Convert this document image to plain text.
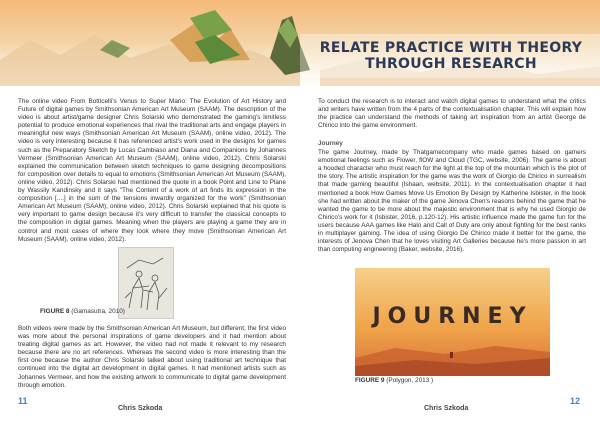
RELATE PRACTICE WITH THEORY
THROUGH RESEARCH

The online video From Botticelli's Venus to Super Mario: The Evolution of Art History and Future of digital games by Smithsonian American Art Museum (SAAM). The description of the video is about artist/game designer Chris Solarski who demonstrated the gaming's limitless potential to produce emotional experiences that rival the traditional arts and engage players in meaningful new ways (Smithsonian American Art Museum (SAAM), online video, 2012). The video is very interesting because it has referenced artist's work used in the designs for games such as the Preparatory Sketch by Lucas Cambiaso and Diana and Companions by Johannes Vermeer (Smithsonian American Art Museum (SAAM), online video, 2012). Chris Solarski explained the communication between sketch techniques to game designing decompositions for composition over details to equal to emotions (Smithsonian American Art Museum (SAAM), online video, 2012). Chris Solarski had mentioned the quote in a book Point and Line to Plane by Wassily Kandinsky and it says "The Content of a work of art finds its expression in the composition [....] in the sum of the tensions inwardly organized for the work" (Smithsonian American Art Museum (SAAM), online video, 2012). Chris Solarski explained that his quote is very important to game design because it's very difficult to transfer the classical concepts to the composition in digital games. Meaning when the players are playing a game they are in control and most cases of where they look where they move (Smithsonian American Art Museum (SAAM), online video, 2012).

FIGURE 8 (Gamasutra, 2010)

Both videos were made by the Smithsonian American Art Museum, but different, the first video was more about the personal inspirations of game developers and it had mention about treating digital games as art. However, the video had not made it relevant to my research because there are no art references. Whereas the second video is more interesting than the first one because the author Chris Solarski talked about using traditional art technique that continued into the digital art development in digital games. It had mentioned artists such as Johannes Vermeer, and how the existing artwork to communicate to digital game development through emotion.

11
Chris Szkoda

To conduct the research is to interact and watch digital games to understand what the critics and writers have written from the 4 parts of the contextualisation chapter. This will explain how the practice can understand the methods of taking art inspiration from an artist George de Chirico into the game environment.

Journey

The game Journey, made by Thatgamecompany who made games based on gamers emotional feelings such as Flower, flOW and Cloud (TGC, website, 2006). The game is about a hooded character who must reach for the light at the top of the mountain which is the plot of the story. The artistic inspiration for the game was the work of Giorgio de Chirico in surrealism that made gaming beautiful (Ishaan, website, 2011). In the contextualisation chapter it had mentioned a book How Games Move Us Emotion By Design by Katherine Isbister, in the book she had written about the maker of the game Jenova Chen's reasons behind the game that he wanted the game to be more about the majestic environment that is why he used Giorgio de Chirico's work for it (Isbister, 2016, p.120-12). His artistic influence made the game fun for the users because AAA games like Halo and Call of Duty are only about fighting for the best ranks in multiplayer gaming. The idea of using Giorgio De Chirico made it better for the game, the interests of Jenova Chen that he loves visiting Art Galleries because he's more passion in art than computing engineering (Baker, website, 2016).

JOURNEY
FIGURE 9 (Polygon, 2013 )
12
Chris Szkoda
